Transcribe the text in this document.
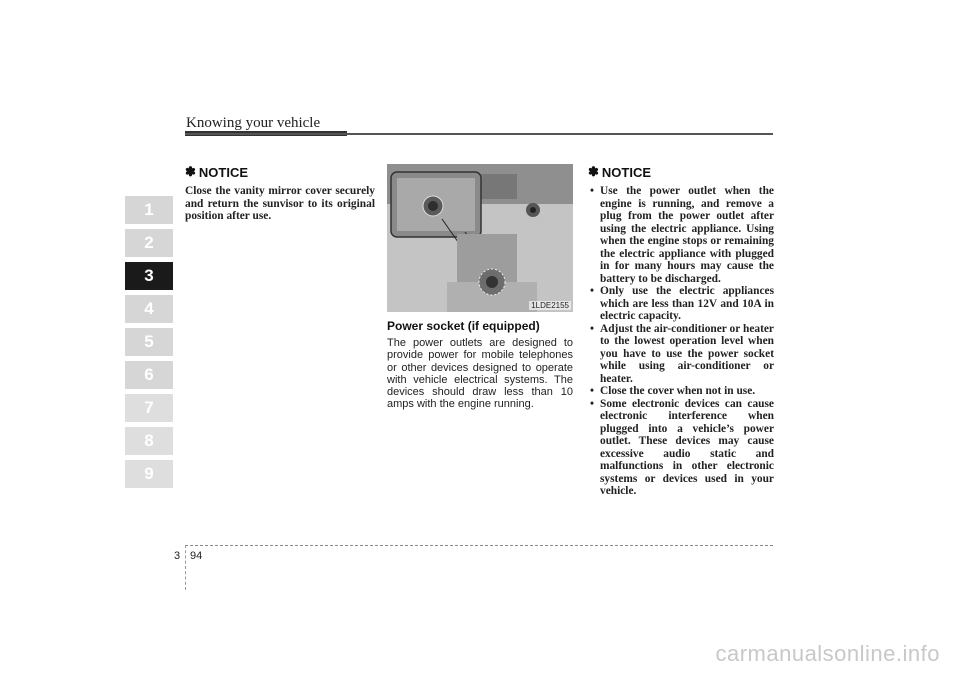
Knowing your vehicle
1
2
3
4
5
6
7
8
9
✽ NOTICE
Close the vanity mirror cover securely and return the sunvisor to its original position after use.
1LDE2155
Power socket (if equipped)
The power outlets are designed to provide power for mobile telephones or other devices designed to operate with vehicle electrical systems. The devices should draw less than 10 amps with the engine running.
✽ NOTICE
• Use the power outlet when the engine is running, and remove a plug from the power outlet after using the electric appliance. Using when the engine stops or remaining the electric appliance with plugged in for many hours may cause the battery to be discharged.
• Only use the electric appliances which are less than 12V and 10A in electric capacity.
• Adjust the air-conditioner or heater to the lowest operation level when you have to use the power socket while using air-conditioner or heater.
• Close the cover when not in use.
• Some electronic devices can cause electronic interference when plugged into a vehicle’s power outlet. These devices may cause excessive audio static and malfunctions in other electronic systems or devices used in your vehicle.
3 94
carmanualsonline.info
